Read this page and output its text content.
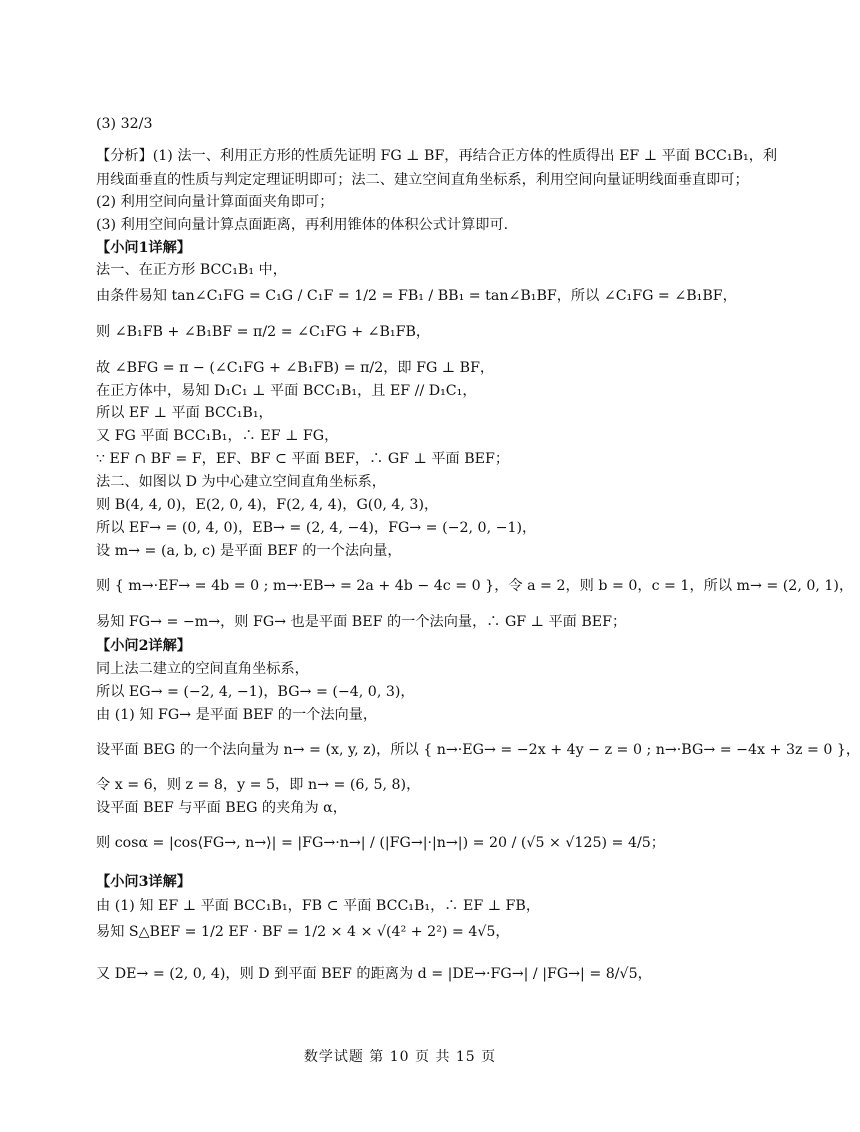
(3) 32/3
【分析】(1) 法一、利用正方形的性质先证明 FG ⊥ BF，再结合正方体的性质得出 EF ⊥ 平面 BCC₁B₁，利
用线面垂直的性质与判定定理证明即可；法二、建立空间直角坐标系，利用空间向量证明线面垂直即可；
(2) 利用空间向量计算面面夹角即可；
(3) 利用空间向量计算点面距离，再利用锥体的体积公式计算即可.
【小问1详解】
法一、在正方形 BCC₁B₁ 中，
由条件易知 tan∠C₁FG = C₁G / C₁F = 1/2 = FB₁ / BB₁ = tan∠B₁BF，所以 ∠C₁FG = ∠B₁BF，
则 ∠B₁FB + ∠B₁BF = π/2 = ∠C₁FG + ∠B₁FB，
故 ∠BFG = π − (∠C₁FG + ∠B₁FB) = π/2，即 FG ⊥ BF，
在正方体中，易知 D₁C₁ ⊥ 平面 BCC₁B₁，且 EF // D₁C₁，
所以 EF ⊥ 平面 BCC₁B₁，
又 FG 平面 BCC₁B₁，∴ EF ⊥ FG，
∵ EF ∩ BF = F，EF、BF ⊂ 平面 BEF，∴ GF ⊥ 平面 BEF；
法二、如图以 D 为中心建立空间直角坐标系，
则 B(4, 4, 0)，E(2, 0, 4)，F(2, 4, 4)，G(0, 4, 3)，
所以 EF→ = (0, 4, 0)，EB→ = (2, 4, −4)，FG→ = (−2, 0, −1)，
设 m→ = (a, b, c) 是平面 BEF 的一个法向量，
则 { m→·EF→ = 4b = 0 ; m→·EB→ = 2a + 4b − 4c = 0 }，令 a = 2，则 b = 0，c = 1，所以 m→ = (2, 0, 1)，
易知 FG→ = −m→，则 FG→ 也是平面 BEF 的一个法向量，∴ GF ⊥ 平面 BEF；
【小问2详解】
同上法二建立的空间直角坐标系，
所以 EG→ = (−2, 4, −1)，BG→ = (−4, 0, 3)，
由 (1) 知 FG→ 是平面 BEF 的一个法向量，
设平面 BEG 的一个法向量为 n→ = (x, y, z)，所以 { n→·EG→ = −2x + 4y − z = 0 ; n→·BG→ = −4x + 3z = 0 }，
令 x = 6，则 z = 8，y = 5，即 n→ = (6, 5, 8)，
设平面 BEF 与平面 BEG 的夹角为 α，
则 cosα = |cos⟨FG→, n→⟩| = |FG→·n→| / (|FG→|·|n→|) = 20 / (√5 × √125) = 4/5；
【小问3详解】
由 (1) 知 EF ⊥ 平面 BCC₁B₁，FB ⊂ 平面 BCC₁B₁，∴ EF ⊥ FB，
易知 S△BEF = 1/2 EF · BF = 1/2 × 4 × √(4² + 2²) = 4√5，
又 DE→ = (2, 0, 4)，则 D 到平面 BEF 的距离为 d = |DE→·FG→| / |FG→| = 8/√5，
数学试题 第 10 页 共 15 页
